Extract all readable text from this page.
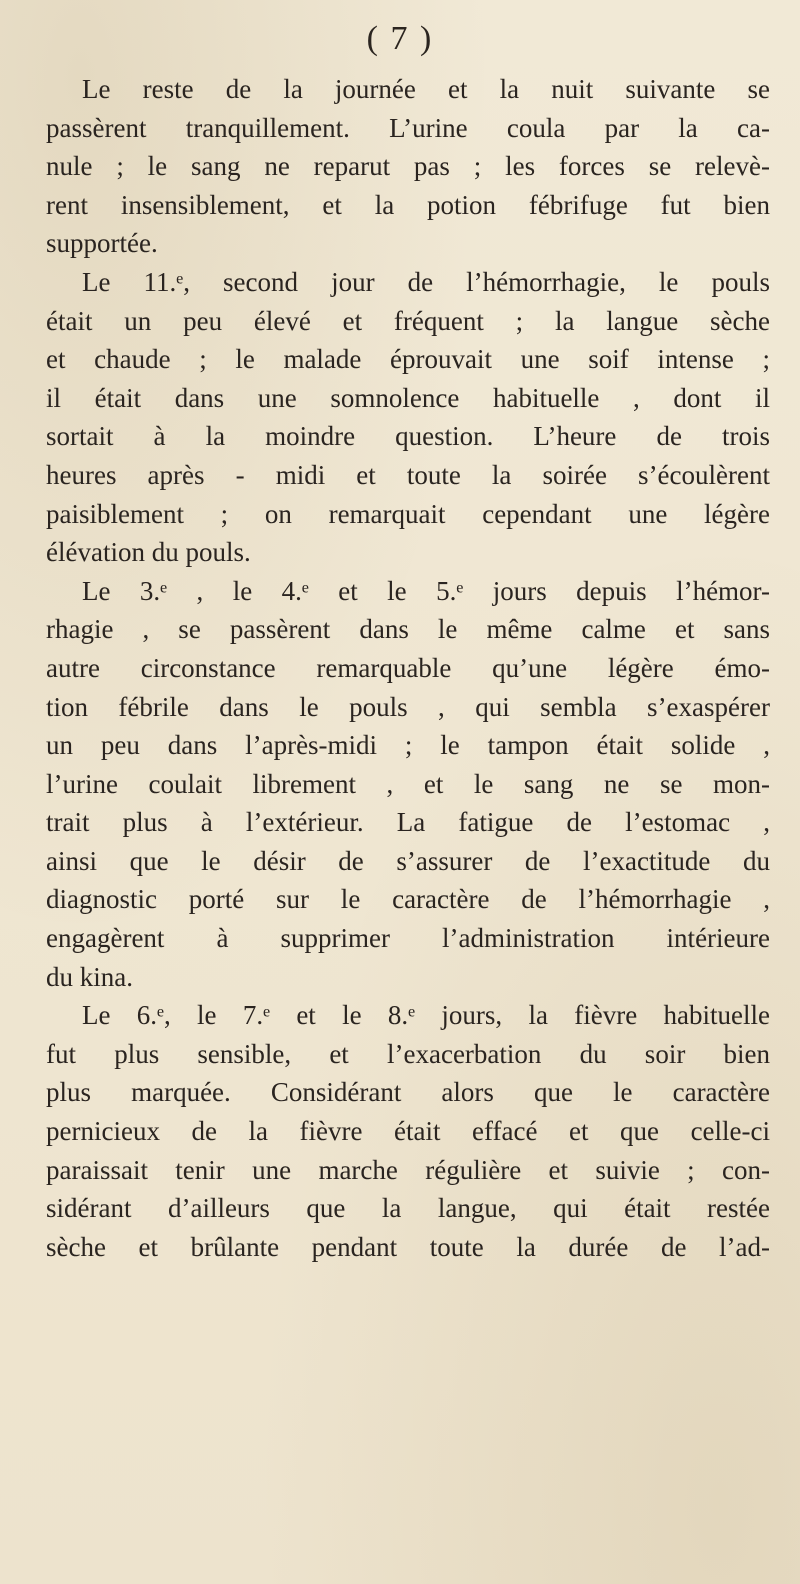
( 7 )

Le reste de la journée et la nuit suivante se
passèrent tranquillement. L’urine coula par la ca-
nule ; le sang ne reparut pas ; les forces se relevè-
rent insensiblement, et la potion fébrifuge fut bien
supportée.

Le 11.ᵉ, second jour de l’hémorrhagie, le pouls
était un peu élevé et fréquent ; la langue sèche
et chaude ; le malade éprouvait une soif intense ;
il était dans une somnolence habituelle , dont il
sortait à la moindre question. L’heure de trois
heures après - midi et toute la soirée s’écoulèrent
paisiblement ; on remarquait cependant une légère
élévation du pouls.

Le 3.ᵉ , le 4.ᵉ et le 5.ᵉ jours depuis l’hémor-
rhagie , se passèrent dans le même calme et sans
autre circonstance remarquable qu’une légère émo-
tion fébrile dans le pouls , qui sembla s’exaspérer
un peu dans l’après-midi ; le tampon était solide ,
l’urine coulait librement , et le sang ne se mon-
trait plus à l’extérieur. La fatigue de l’estomac ,
ainsi que le désir de s’assurer de l’exactitude du
diagnostic porté sur le caractère de l’hémorrhagie ,
engagèrent à supprimer l’administration intérieure
du kina.

Le 6.ᵉ, le 7.ᵉ et le 8.ᵉ jours, la fièvre habituelle
fut plus sensible, et l’exacerbation du soir bien
plus marquée. Considérant alors que le caractère
pernicieux de la fièvre était effacé et que celle-ci
paraissait tenir une marche régulière et suivie ; con-
sidérant d’ailleurs que la langue, qui était restée
sèche et brûlante pendant toute la durée de l’ad-
